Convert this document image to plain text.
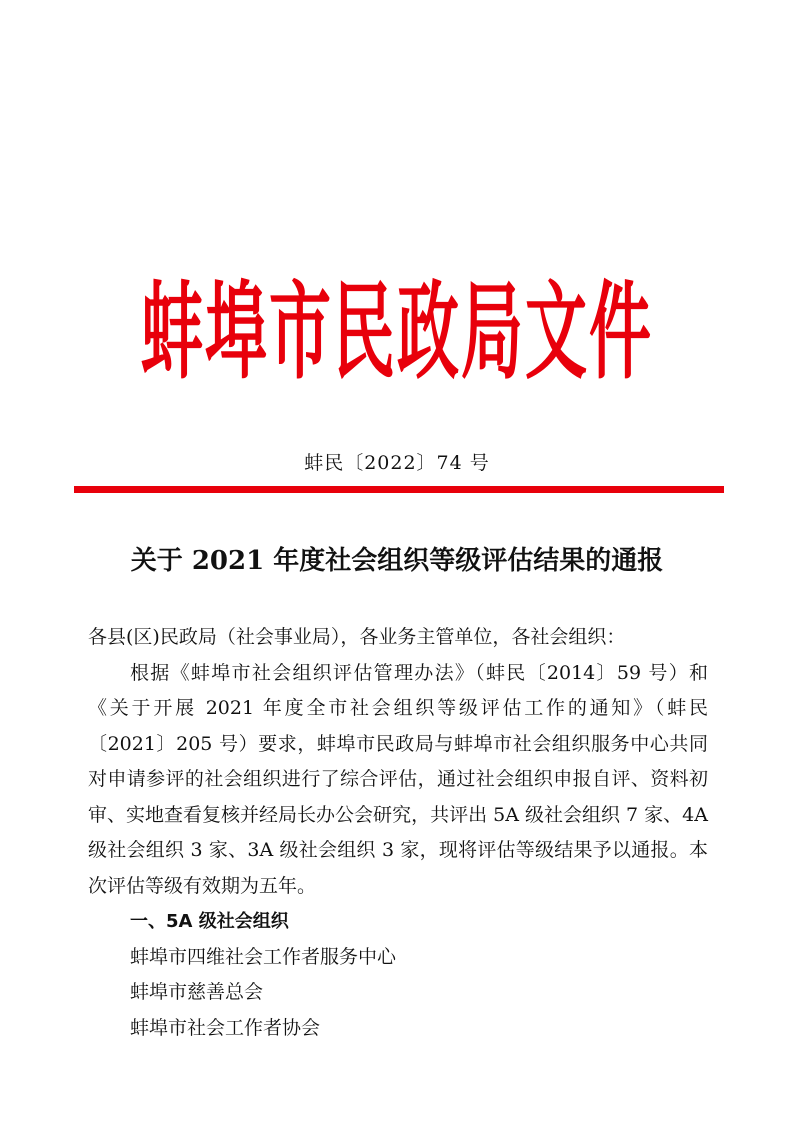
蚌埠市民政局文件
蚌民〔2022〕74 号
关于 2021 年度社会组织等级评估结果的通报

各县(区)民政局（社会事业局），各业务主管单位，各社会组织：

根据《蚌埠市社会组织评估管理办法》（蚌民〔2014〕59 号）和《关于开展 2021 年度全市社会组织等级评估工作的通知》（蚌民〔2021〕205 号）要求，蚌埠市民政局与蚌埠市社会组织服务中心共同对申请参评的社会组织进行了综合评估，通过社会组织申报自评、资料初审、实地查看复核并经局长办公会研究，共评出 5A 级社会组织 7 家、4A 级社会组织 3 家、3A 级社会组织 3 家，现将评估等级结果予以通报。本次评估等级有效期为五年。

一、5A 级社会组织

蚌埠市四维社会工作者服务中心

蚌埠市慈善总会

蚌埠市社会工作者协会
